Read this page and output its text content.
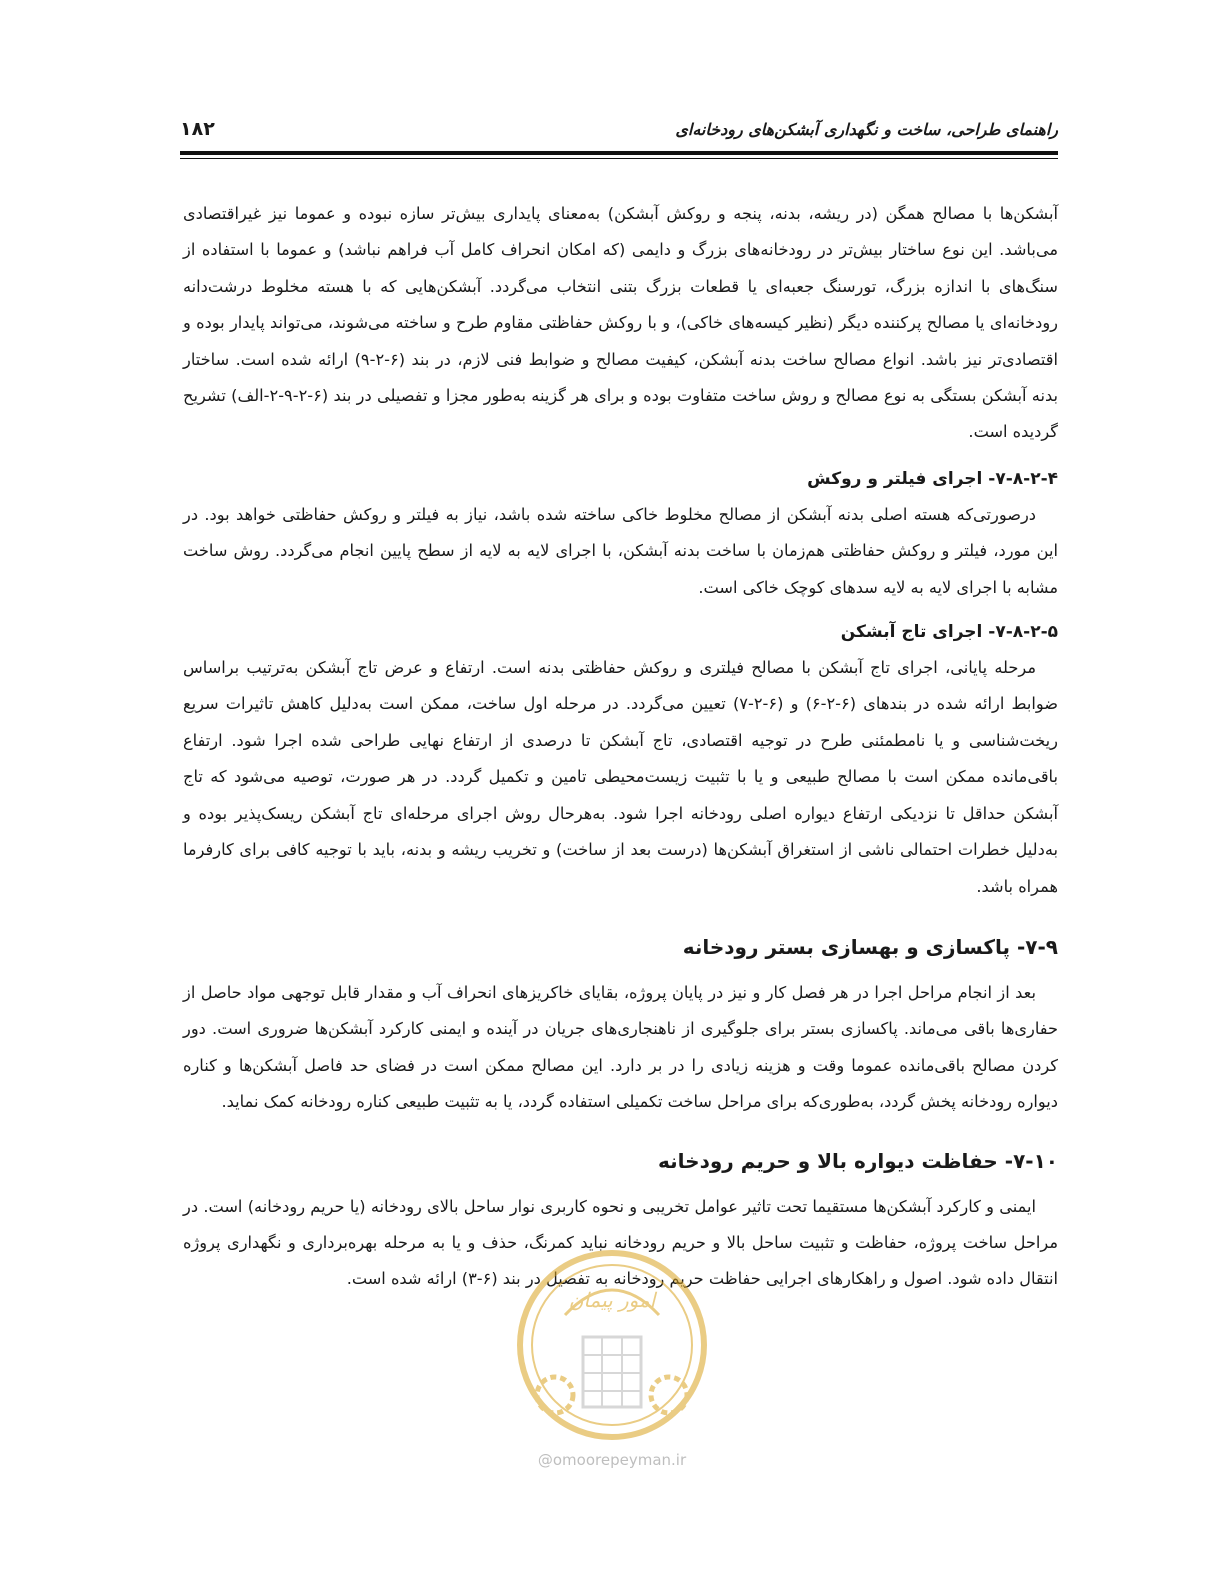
راهنمای طراحی، ساخت و نگهداری آبشکن‌های رودخانه‌ای
۱۸۲

آبشکن‌ها با مصالح همگن (در ریشه، بدنه، پنجه و روکش آبشکن) به‌معنای پایداری بیش‌تر سازه نبوده و عموما نیز غیراقتصادی می‌باشد. این نوع ساختار بیش‌تر در رودخانه‌های بزرگ و دایمی (که امکان انحراف کامل آب فراهم نباشد) و عموما با استفاده از سنگ‌های با اندازه بزرگ، تورسنگ جعبه‌ای یا قطعات بزرگ بتنی انتخاب می‌گردد. آبشکن‌هایی که با هسته مخلوط درشت‌دانه رودخانه‌ای یا مصالح پرکننده دیگر (نظیر کیسه‌های خاکی)، و با روکش حفاظتی مقاوم طرح و ساخته می‌شوند، می‌تواند پایدار بوده و اقتصادی‌تر نیز باشد. انواع مصالح ساخت بدنه آبشکن، کیفیت مصالح و ضوابط فنی لازم، در بند (۶-۲-۹) ارائه شده است. ساختار بدنه آبشکن بستگی به نوع مصالح و روش ساخت متفاوت بوده و برای هر گزینه به‌طور مجزا و تفصیلی در بند (۶-۲-۹-۲-الف) تشریح گردیده است.

۷-۸-۲-۴- اجرای فیلتر و روکش

درصورتی‌که هسته اصلی بدنه آبشکن از مصالح مخلوط خاکی ساخته شده باشد، نیاز به فیلتر و روکش حفاظتی خواهد بود. در این مورد، فیلتر و روکش حفاظتی هم‌زمان با ساخت بدنه آبشکن، با اجرای لایه به لایه از سطح پایین انجام می‌گردد. روش ساخت مشابه با اجرای لایه به لایه سدهای کوچک خاکی است.

۷-۸-۲-۵- اجرای تاج آبشکن

مرحله پایانی، اجرای تاج آبشکن با مصالح فیلتری و روکش حفاظتی بدنه است. ارتفاع و عرض تاج آبشکن به‌ترتیب براساس ضوابط ارائه شده در بندهای (۶-۲-۶) و (۶-۲-۷) تعیین می‌گردد. در مرحله اول ساخت، ممکن است به‌دلیل کاهش تاثیرات سریع ریخت‌شناسی و یا نامطمئنی طرح در توجیه اقتصادی، تاج آبشکن تا درصدی از ارتفاع نهایی طراحی شده اجرا شود. ارتفاع باقی‌مانده ممکن است با مصالح طبیعی و یا با تثبیت زیست‌محیطی تامین و تکمیل گردد. در هر صورت، توصیه می‌شود که تاج آبشکن حداقل تا نزدیکی ارتفاع دیواره اصلی رودخانه اجرا شود. به‌هرحال روش اجرای مرحله‌ای تاج آبشکن ریسک‌پذیر بوده و به‌دلیل خطرات احتمالی ناشی از استغراق آبشکن‌ها (درست بعد از ساخت) و تخریب ریشه و بدنه، باید با توجیه کافی برای کارفرما همراه باشد.

۷-۹- پاکسازی و بهسازی بستر رودخانه

بعد از انجام مراحل اجرا در هر فصل کار و نیز در پایان پروژه، بقایای خاکریزهای انحراف آب و مقدار قابل توجهی مواد حاصل از حفاری‌ها باقی می‌ماند. پاکسازی بستر برای جلوگیری از ناهنجاری‌های جریان در آینده و ایمنی کارکرد آبشکن‌ها ضروری است. دور کردن مصالح باقی‌مانده عموما وقت و هزینه زیادی را در بر دارد. این مصالح ممکن است در فضای حد فاصل آبشکن‌ها و کناره دیواره رودخانه پخش گردد، به‌طوری‌که برای مراحل ساخت تکمیلی استفاده گردد، یا به تثبیت طبیعی کناره رودخانه کمک نماید.

۷-۱۰- حفاظت دیواره بالا و حریم رودخانه

ایمنی و کارکرد آبشکن‌ها مستقیما تحت تاثیر عوامل تخریبی و نحوه کاربری نوار ساحل بالای رودخانه (یا حریم رودخانه) است. در مراحل ساخت پروژه، حفاظت و تثبیت ساحل بالا و حریم رودخانه نباید کمرنگ، حذف و یا به مرحله بهره‌برداری و نگهداری پروژه انتقال داده شود. اصول و راهکارهای اجرایی حفاظت حریم رودخانه به تفصیل در بند (۶-۳) ارائه شده است.

امور پیمان
@omoorepeyman.ir
